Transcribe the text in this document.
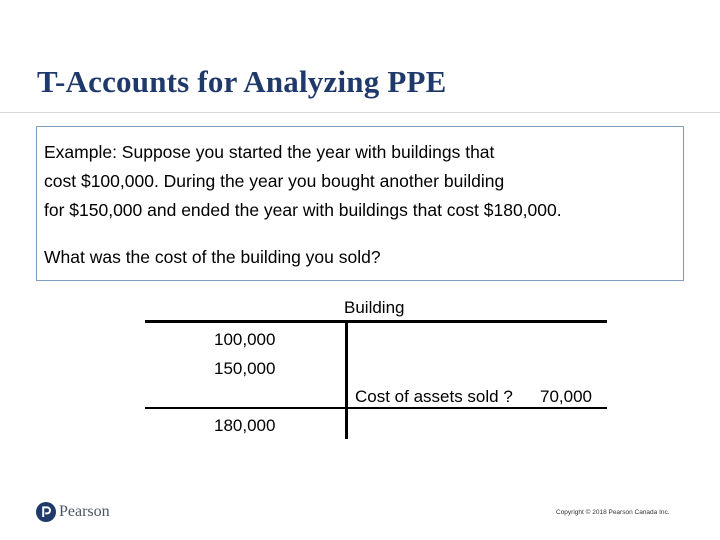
T-Accounts for Analyzing PPE
Example: Suppose you started the year with buildings that
cost $100,000. During the year you bought another building
for $150,000 and ended the year with buildings that cost $180,000.
What was the cost of the building you sold?
Building
100,000
150,000
Cost of assets sold ? 70,000
180,000
Pearson	Copyright © 2018 Pearson Canada Inc.
